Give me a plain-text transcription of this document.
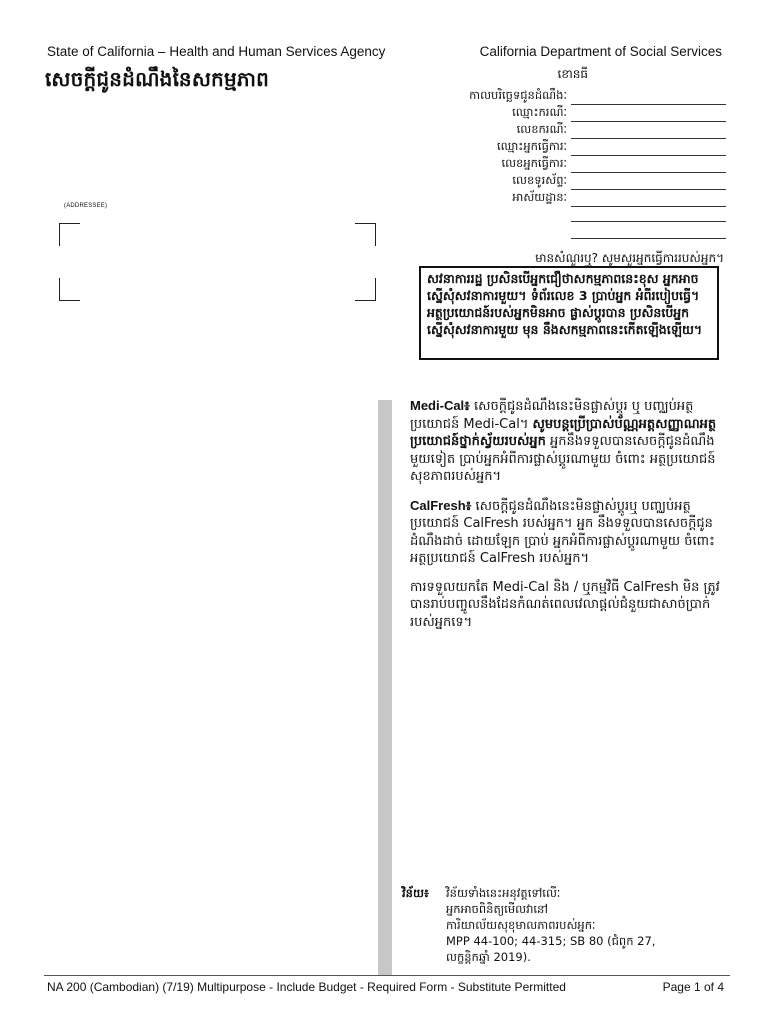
State of California – Health and Human Services Agency	California Department of Social Services
សេចក្តីជូនដំណឹងនៃសកម្មភាព	ខោនធី
កាលបរិច្ឆេទជូនដំណឹងៈ
ឈ្មោះករណីៈ
លេខករណីៈ
ឈ្មោះអ្នកធ្វើការៈ
លេខអ្នកធ្វើការៈ
លេខទូរស័ព្ទៈ
អាស័យដ្ឋានៈ
(ADDRESSEE)
មានសំណួរឬ? សូមសួរអ្នកធ្វើការរបស់អ្នក។
សវនាការរដ្ឋ ប្រសិនបើអ្នកជឿថាសកម្មភាពនេះខុស អ្នកអាចស្នើសុំសវនាការមួយ។ ទំព័រលេខ 3 ប្រាប់អ្នក អំពីរបៀបធ្វើ។ អត្ថប្រយោជន៍របស់អ្នកមិនអាច ផ្លាស់ប្តូរបាន ប្រសិនបើអ្នកស្នើសុំសវនាការមួយ មុន នឹងសកម្មភាពនេះកើតឡើងឡើយ។

Medi-Cal៖ សេចក្តីជូនដំណឹងនេះមិនផ្លាស់ប្តូរ ឬ បញ្ឈប់អត្ថប្រយោជន៍ Medi-Cal។ សូមបន្តប្រើប្រាស់ប័ណ្ណអត្តសញ្ញាណអត្ថប្រយោជន៍ថ្នាក់ស្វ័យរបស់អ្នក អ្នកនឹងទទួលបានសេចក្តីជូនដំណឹងមួយទៀត ប្រាប់អ្នកអំពីការផ្លាស់ប្តូរណាមួយ ចំពោះ អត្ថប្រយោជន៍សុខភាពរបស់អ្នក។

CalFresh៖ សេចក្តីជូនដំណឹងនេះមិនផ្លាស់ប្តូរឬ បញ្ឈប់អត្ថប្រយោជន៍ CalFresh របស់អ្នក។ អ្នក នឹងទទួលបានសេចក្តីជូនដំណឹងដាច់ ដោយឡែក ប្រាប់ អ្នកអំពីការផ្លាស់ប្តូរណាមួយ ចំពោះអត្ថប្រយោជន៍ CalFresh របស់អ្នក។

ការទទួលយកតែ Medi-Cal និង / ឬកម្មវិធី CalFresh មិន ត្រូវបានរាប់បញ្ចូលនឹងដែនកំណត់ពេលវេលាផ្តល់ជំនួយជាសាច់ប្រាក់របស់អ្នកទេ។

វិន័យ៖	វិន័យទាំងនេះអនុវត្តទៅលើៈ
អ្នកអាចពិនិត្យមើលវានៅ
ការិយាល័យសុខុមាលភាពរបស់អ្នកៈ
MPP 44-100; 44-315; SB 80 (ជំពូក 27,
លក្ខន្តិកឆ្នាំ 2019).
NA 200 (Cambodian) (7/19) Multipurpose - Include Budget - Required Form - Substitute Permitted	Page 1 of 4
